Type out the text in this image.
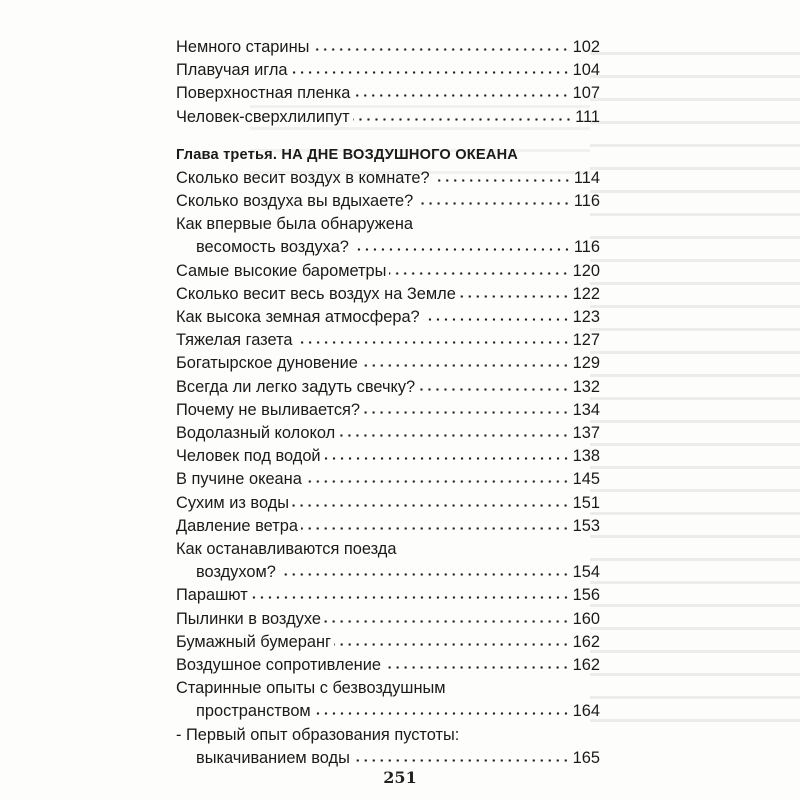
Немного старины	102
Плавучая игла	104
Поверхностная пленка	107
Человек-сверхлилипут	111
Глава третья. НА ДНЕ ВОЗДУШНОГО ОКЕАНА
Сколько весит воздух в комнате?	114
Сколько воздуха вы вдыхаете?	116
Как впервые была обнаружена
весомость воздуха?	116
Самые высокие барометры	120
Сколько весит весь воздух на Земле	122
Как высока земная атмосфера?	123
Тяжелая газета	127
Богатырское дуновение	129
Всегда ли легко задуть свечку?	132
Почему не выливается?	134
Водолазный колокол	137
Человек под водой	138
В пучине океана	145
Сухим из воды	151
Давление ветра	153
Как останавливаются поезда
воздухом?	154
Парашют	156
Пылинки в воздухе	160
Бумажный бумеранг	162
Воздушное сопротивление	162
Старинные опыты с безвоздушным
пространством	164
- Первый опыт образования пустоты:
выкачиванием воды	165
251
